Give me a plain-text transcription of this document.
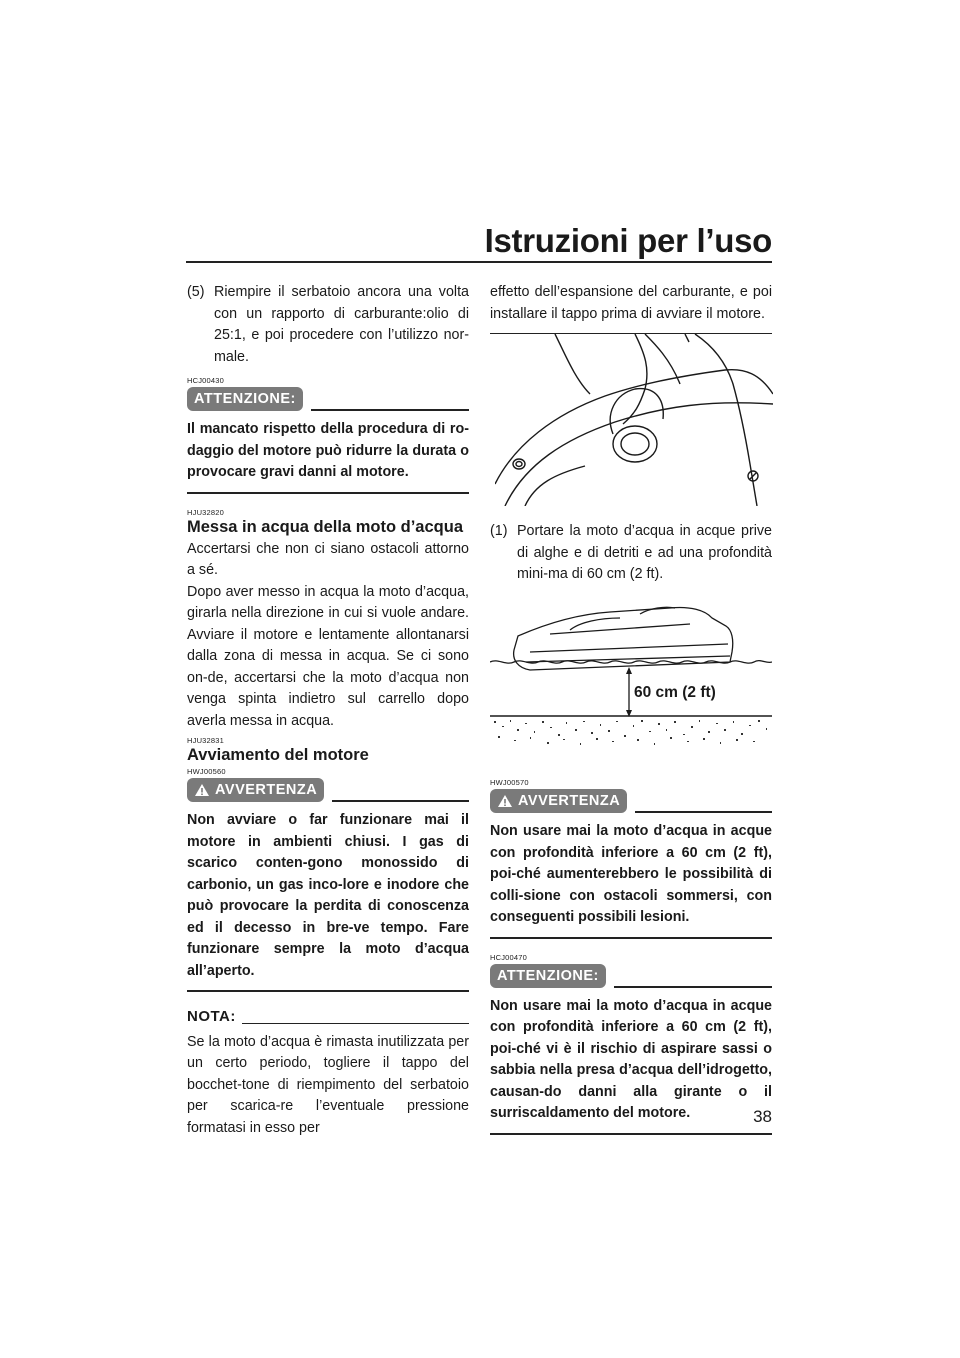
Istruzioni per l’uso
(5) Riempire il serbatoio ancora una volta con un rapporto di carburante:olio di 25:1, e poi procedere con l’utilizzo nor-male.
HCJ00430
ATTENZIONE:

Il mancato rispetto della procedura di ro-daggio del motore può ridurre la durata o provocare gravi danni al motore.

HJU32820
Messa in acqua della moto d’acqua

Accertarsi che non ci siano ostacoli attorno a sé.

Dopo aver messo in acqua la moto d’acqua, girarla nella direzione in cui si vuole andare. Avviare il motore e lentamente allontanarsi dalla zona di messa in acqua. Se ci sono on-de, accertarsi che la moto d’acqua non venga spinta indietro sul carrello dopo averla messa in acqua.

HJU32831
Avviamento del motore
HWJ00560
AVVERTENZA

Non avviare o far funzionare mai il motore in ambienti chiusi. I gas di scarico conten-gono monossido di carbonio, un gas inco-lore e inodore che può provocare la perdita di conoscenza ed il decesso in bre-ve tempo. Fare funzionare sempre la moto d’acqua all’aperto.

NOTA:

Se la moto d’acqua è rimasta inutilizzata per un certo periodo, togliere il tappo del bocchet-tone di riempimento del serbatoio per scarica-re l’eventuale pressione formatasi in esso per

effetto dell’espansione del carburante, e poi installare il tappo prima di avviare il motore.

(1) Portare la moto d’acqua in acque prive di alghe e di detriti e ad una profondità mini-ma di 60 cm (2 ft).
60 cm (2 ft)
HWJ00570
AVVERTENZA

Non usare mai la moto d’acqua in acque con profondità inferiore a 60 cm (2 ft), poi-ché aumenterebbero le possibilità di colli-sione con ostacoli sommersi, con conseguenti possibili lesioni.

HCJ00470
ATTENZIONE:

Non usare mai la moto d’acqua in acque con profondità inferiore a 60 cm (2 ft), poi-ché vi è il rischio di aspirare sassi o sabbia nella presa d’acqua dell’idrogetto, causan-do danni alla girante o il surriscaldamento del motore.	38
